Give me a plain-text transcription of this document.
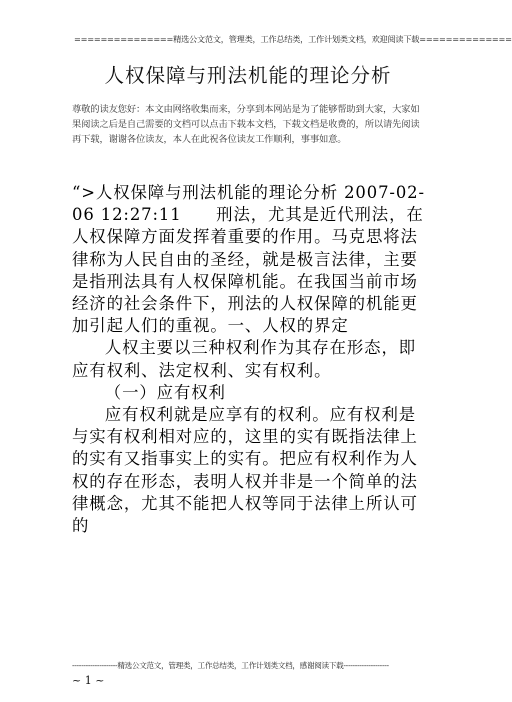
===============精选公文范文，管理类，工作总结类，工作计划类文档，欢迎阅读下载==============
人权保障与刑法机能的理论分析
尊敬的读友您好：本文由网络收集而来，分享到本网站是为了能够帮助到大家，大家如果阅读之后是自己需要的文档可以点击下载本文档，下载文档是收费的，所以请先阅读再下载，谢谢各位读友，本人在此祝各位读友工作顺利，事事如意。

“>人权保障与刑法机能的理论分析 2007-02-06 12:27:11　　刑法，尤其是近代刑法，在人权保障方面发挥着重要的作用。马克思将法律称为人民自由的圣经，就是极言法律，主要是指刑法具有人权保障机能。在我国当前市场经济的社会条件下，刑法的人权保障的机能更加引起人们的重视。一、人权的界定

人权主要以三种权利作为其存在形态，即应有权利、法定权利、实有权利。

（一）应有权利

应有权利就是应享有的权利。应有权利是与实有权利相对应的，这里的实有既指法律上的实有又指事实上的实有。把应有权利作为人权的存在形态，表明人权并非是一个简单的法律概念，尤其不能把人权等同于法律上所认可的

--------------------精选公文范文，管理类，工作总结类，工作计划类文档，感谢阅读下载--------------------
~ 1 ~
